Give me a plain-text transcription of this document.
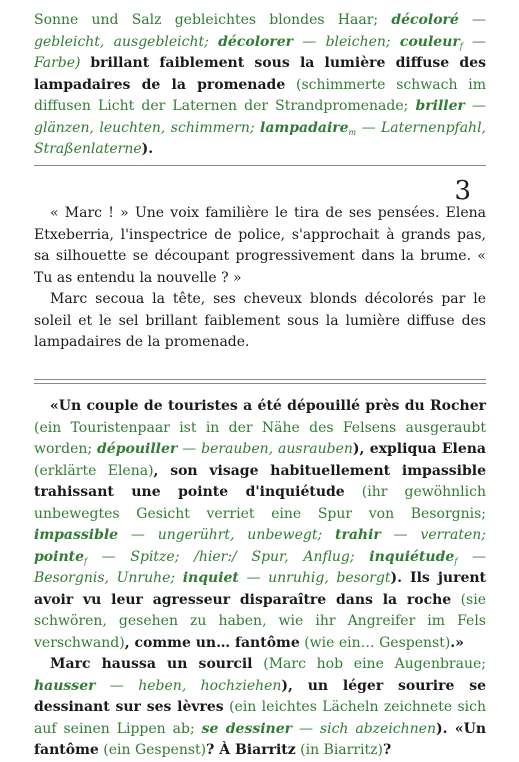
Sonne und Salz gebleichtes blondes Haar; décoloré — gebleicht, ausgebleicht; décolorer — bleichen; couleur$_f$ — Farbe) brillant faiblement sous la lumière diffuse des lampadaires de la promenade (schimmerte schwach im diffusen Licht der Laternen der Strandpromenade; briller — glänzen, leuchten, schimmern; lampadaire$_m$ — Laternenpfahl, Straßenlaterne).

3

« Marc ! » Une voix familière le tira de ses pensées. Elena Etxeberria, l'inspectrice de police, s'approchait à grands pas, sa silhouette se découpant progressivement dans la brume. « Tu as entendu la nouvelle ? »

Marc secoua la tête, ses cheveux blonds décolorés par le soleil et le sel brillant faiblement sous la lumière diffuse des lampadaires de la promenade.

«Un couple de touristes a été dépouillé près du Rocher (ein Touristenpaar ist in der Nähe des Felsens ausgeraubt worden; dépouiller — berauben, ausrauben), expliqua Elena (erklärte Elena), son visage habituellement impassible trahissant une pointe d'inquiétude (ihr gewöhnlich unbewegtes Gesicht verriet eine Spur von Besorgnis; impassible — ungerührt, unbewegt; trahir — verraten; pointe$_f$ — Spitze; /hier:/ Spur, Anflug; inquiétude$_f$ — Besorgnis, Unruhe; inquiet — unruhig, besorgt). Ils jurent avoir vu leur agresseur disparaître dans la roche (sie schwören, gesehen zu haben, wie ihr Angreifer im Fels verschwand), comme un… fantôme (wie ein… Gespenst).»

Marc haussa un sourcil (Marc hob eine Augenbraue; hausser — heben, hochziehen), un léger sourire se dessinant sur ses lèvres (ein leichtes Lächeln zeichnete sich auf seinen Lippen ab; se dessiner — sich abzeichnen). «Un fantôme (ein Gespenst)? À Biarritz (in Biarritz)?
